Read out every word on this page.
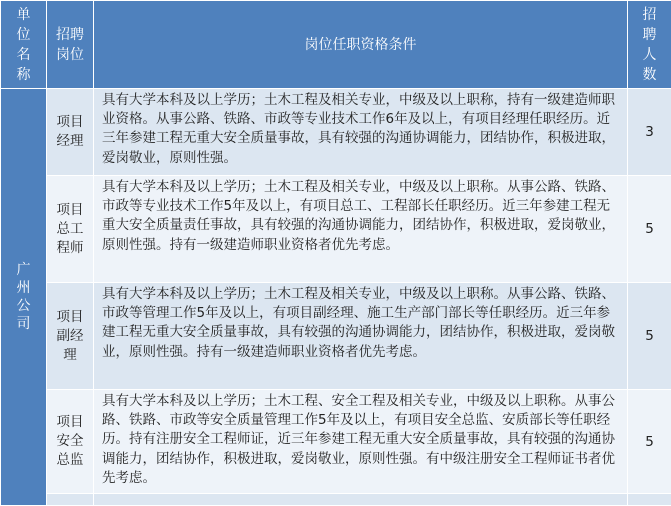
单位名称	招聘岗位	岗位任职资格条件	招聘人数

广州公司	项目经理	具有大学本科及以上学历；土木工程及相关专业，中级及以上职称，持有一级建造师职业资格。从事公路、铁路、市政等专业技术工作6年及以上，有项目经理任职经历。近三年参建工程无重大安全质量事故，具有较强的沟通协调能力，团结协作，积极进取，爱岗敬业，原则性强。	3

	项目总工程师	具有大学本科及以上学历；土木工程及相关专业，中级及以上职称。从事公路、铁路、市政等专业技术工作5年及以上，有项目总工、工程部长任职经历。近三年参建工程无重大安全质量责任事故，具有较强的沟通协调能力，团结协作，积极进取，爱岗敬业，原则性强。持有一级建造师职业资格者优先考虑。	5

	项目副经理	具有大学本科及以上学历；土木工程及相关专业，中级及以上职称。从事公路、铁路、市政等管理工作5年及以上，有项目副经理、施工生产部门部长等任职经历。近三年参建工程无重大安全质量事故，具有较强的沟通协调能力，团结协作，积极进取，爱岗敬业，原则性强。持有一级建造师职业资格者优先考虑。	5

	项目安全总监	具有大学本科及以上学历；土木工程、安全工程及相关专业，中级及以上职称。从事公路、铁路、市政等安全质量管理工作5年及以上，有项目安全总监、安质部长等任职经历。持有注册安全工程师证，近三年参建工程无重大安全质量事故，具有较强的沟通协调能力，团结协作，积极进取，爱岗敬业，原则性强。有中级注册安全工程师证书者优先考虑。	5
